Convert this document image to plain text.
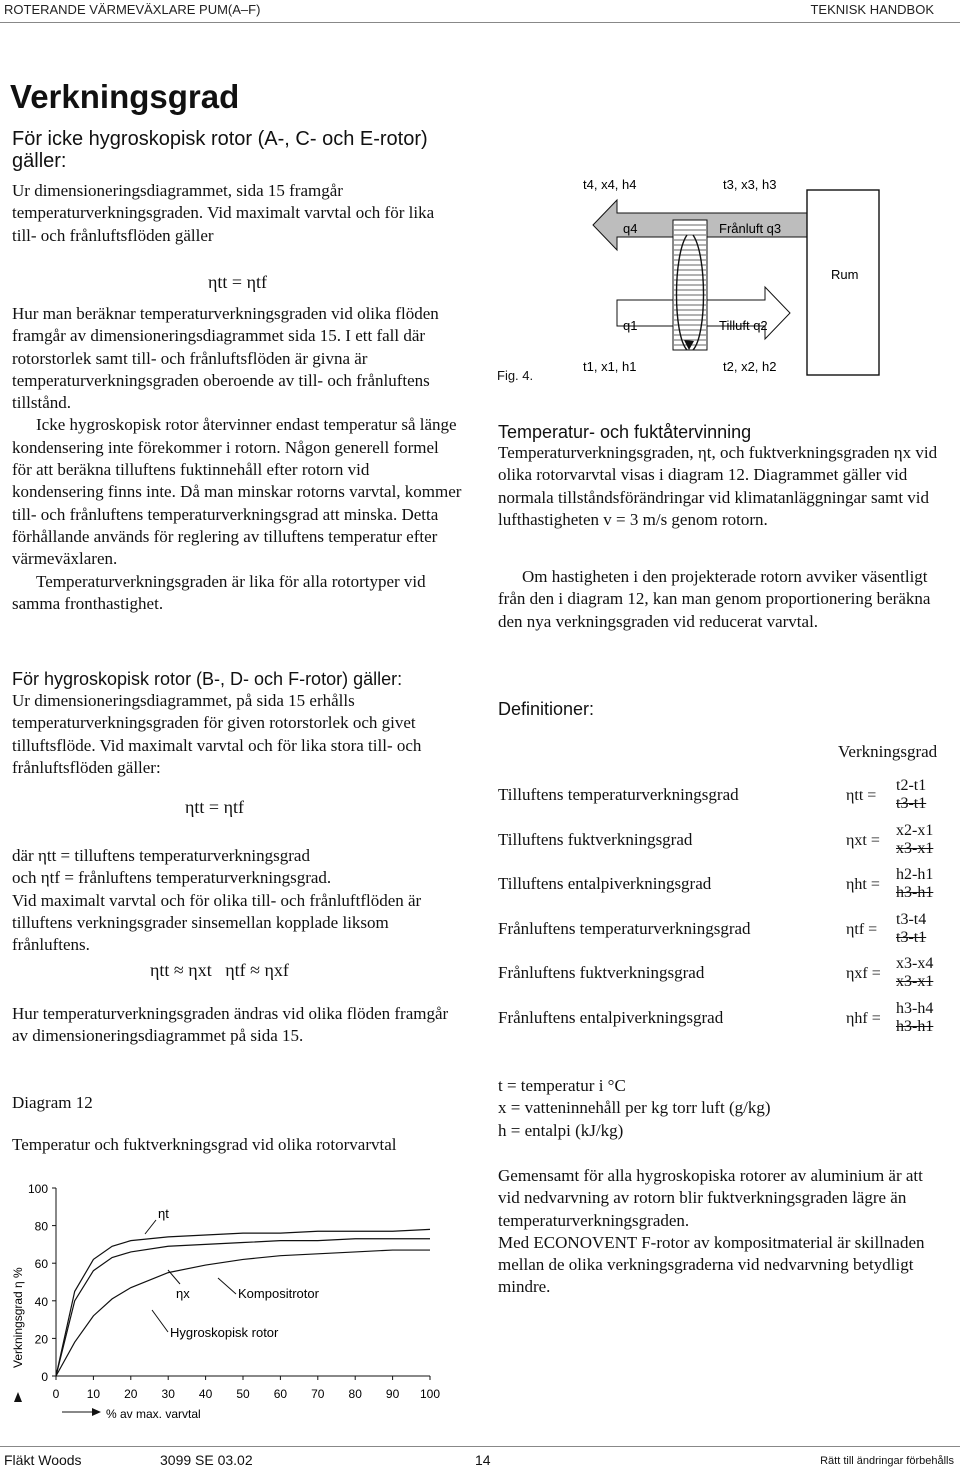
ROTERANDE VÄRMEVÄXLARE PUM(A–F)	TEKNISK HANDBOK
Verkningsgrad
För icke hygroskopisk rotor (A-, C- och E-rotor) gäller:

Ur dimensioneringsdiagrammet, sida 15 framgår temperaturverkningsgraden. Vid maximalt varvtal och för lika till- och frånluftsflöden gäller

ηtt = ηtf

Hur man beräknar temperaturverkningsgraden vid olika flöden framgår av dimensioneringsdiagrammet sida 15. I ett fall där rotorstorlek samt till- och frånluftsflöden är givna är temperaturverkningsgraden oberoende av till- och frånluftens tillstånd.

Icke hygroskopisk rotor återvinner endast temperatur så länge kondensering inte förekommer i rotorn. Någon generell formel för att beräkna tilluftens fuktinnehåll efter rotorn vid kondensering finns inte. Då man minskar rotorns varvtal, kommer till- och frånluftens temperaturverkningsgrad att minska. Detta förhållande används för reglering av tilluftens temperatur efter värmeväxlaren.

Temperaturverkningsgraden är lika för alla rotortyper vid samma fronthastighet.

För hygroskopisk rotor (B-, D- och F-rotor) gäller:

Ur dimensioneringsdiagrammet, på sida 15 erhålls temperaturverkningsgraden för given rotorstorlek och givet tilluftsflöde. Vid maximalt varvtal och för lika stora till- och frånluftsflöden gäller:

ηtt = ηtf

där ηtt = tilluftens temperaturverkningsgrad

och ηtf = frånluftens temperaturverkningsgrad.

Vid maximalt varvtal och för olika till- och frånluftflöden är tilluftens verkningsgrader sinsemellan kopplade liksom frånluftens.

ηtt ≈ ηxt   ηtf ≈ ηxf

Hur temperaturverkningsgraden ändras vid olika flöden framgår av dimensioneringsdiagrammet på sida 15.

Diagram 12
Temperatur och fuktverkningsgrad vid olika rotorvarvtal
0
20
40
60
80
100
0 10 20 30 40 50 60 70 80 90 100
Verkningsgrad η %
% av max. varvtal
ηt
ηx	Kompositrotor
Hygroskopisk rotor
Fig. 4.
Rum
t4, x4, h4	t3, x3, h3
q4	Frånluft q3
q1	Tilluft q2
t1, x1, h1	t2, x2, h2
Temperatur- och fuktåtervinning

Temperaturverkningsgraden, ηt, och fuktverkningsgraden ηx vid olika rotorvarvtal visas i diagram 12. Diagrammet gäller vid normala tillståndsförändringar vid klimatanläggningar samt vid lufthastigheten v = 3 m/s genom rotorn.

Om hastigheten i den projekterade rotorn avviker väsentligt från den i diagram 12, kan man genom proportionering beräkna den nya verkningsgraden vid reducerat varvtal.

Definitioner:
Verkningsgrad
Tilluftens temperaturverkningsgrad	ηtt =
t2-t1
t3-t1
Tilluftens fuktverkningsgrad	ηxt =
x2-x1
x3-x1
Tilluftens entalpiverkningsgrad	ηht =
h2-h1
h3-h1
Frånluftens temperaturverkningsgrad	ηtf =
t3-t4
t3-t1
Frånluftens fuktverkningsgrad	ηxf =
x3-x4
x3-x1
Frånluftens entalpiverkningsgrad	ηhf =
h3-h4
h3-h1

t = temperatur i °C

x = vatteninnehåll per kg torr luft (g/kg)

h = entalpi (kJ/kg)

Gemensamt för alla hygroskopiska rotorer av aluminium är att vid nedvarvning av rotorn blir fuktverkningsgraden lägre än temperaturverkningsgraden.

Med ECONOVENT F-rotor av kompositmaterial är skillnaden mellan de olika verkningsgraderna vid nedvarvning betydligt mindre.

Fläkt Woods	3099 SE 03.02	14	Rätt till ändringar förbehålls
